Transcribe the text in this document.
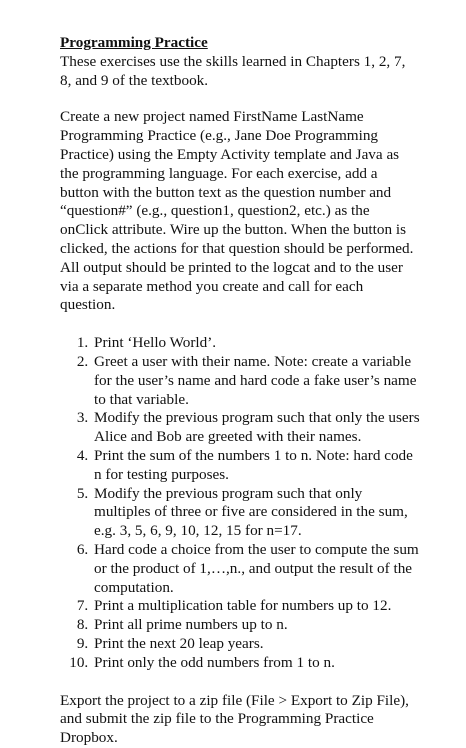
Programming Practice

These exercises use the skills learned in Chapters 1, 2, 7, 8, and 9 of the textbook.

Create a new project named FirstName LastName Programming Practice (e.g., Jane Doe Programming Practice) using the Empty Activity template and Java as the programming language. For each exercise, add a button with the button text as the question number and “question#” (e.g., question1, question2, etc.) as the onClick attribute. Wire up the button. When the button is clicked, the actions for that question should be performed. All output should be printed to the logcat and to the user via a separate method you create and call for each question.

1. Print ‘Hello World’.
2. Greet a user with their name. Note: create a variable for the user’s name and hard code a fake user’s name to that variable.
3. Modify the previous program such that only the users Alice and Bob are greeted with their names.
4. Print the sum of the numbers 1 to n. Note: hard code n for testing purposes.
5. Modify the previous program such that only multiples of three or five are considered in the sum, e.g. 3, 5, 6, 9, 10, 12, 15 for n=17.
6. Hard code a choice from the user to compute the sum or the product of 1,…,n., and output the result of the computation.
7. Print a multiplication table for numbers up to 12.
8. Print all prime numbers up to n.
9. Print the next 20 leap years.
10. Print only the odd numbers from 1 to n.

Export the project to a zip file (File > Export to Zip File), and submit the zip file to the Programming Practice Dropbox.
